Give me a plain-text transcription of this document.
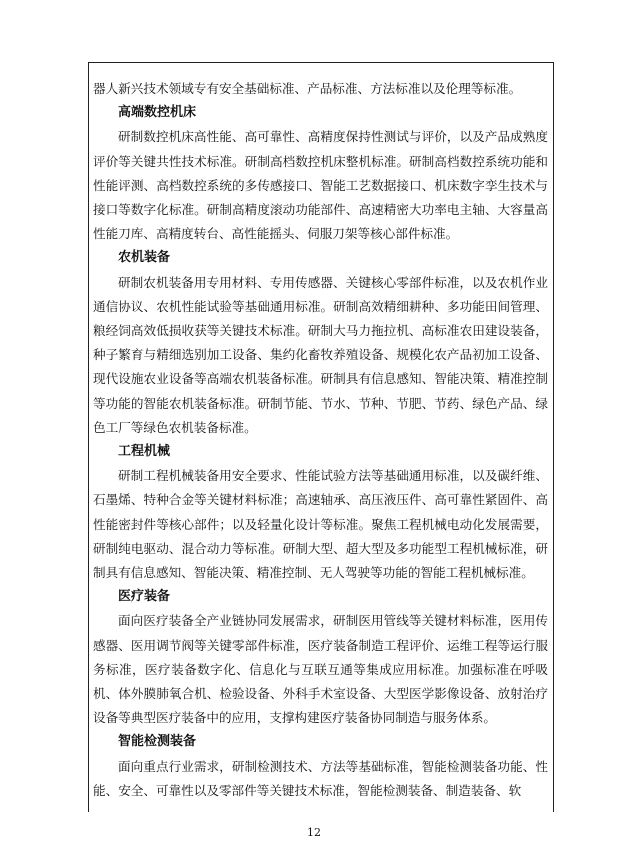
器人新兴技术领域专有安全基础标准、产品标准、方法标准以及伦理等标准。

高端数控机床

研制数控机床高性能、高可靠性、高精度保持性测试与评价，以及产品成熟度评价等关键共性技术标准。研制高档数控机床整机标准。研制高档数控系统功能和性能评测、高档数控系统的多传感接口、智能工艺数据接口、机床数字孪生技术与接口等数字化标准。研制高精度滚动功能部件、高速精密大功率电主轴、大容量高性能刀库、高精度转台、高性能摇头、伺服刀架等核心部件标准。

农机装备

研制农机装备用专用材料、专用传感器、关键核心零部件标准，以及农机作业通信协议、农机性能试验等基础通用标准。研制高效精细耕种、多功能田间管理、粮经饲高效低损收获等关键技术标准。研制大马力拖拉机、高标准农田建设装备，种子繁育与精细选别加工设备、集约化畜牧养殖设备、规模化农产品初加工设备、现代设施农业设备等高端农机装备标准。研制具有信息感知、智能决策、精准控制等功能的智能农机装备标准。研制节能、节水、节种、节肥、节药、绿色产品、绿色工厂等绿色农机装备标准。

工程机械

研制工程机械装备用安全要求、性能试验方法等基础通用标准，以及碳纤维、石墨烯、特种合金等关键材料标准；高速轴承、高压液压件、高可靠性紧固件、高性能密封件等核心部件；以及轻量化设计等标准。聚焦工程机械电动化发展需要，研制纯电驱动、混合动力等标准。研制大型、超大型及多功能型工程机械标准，研制具有信息感知、智能决策、精准控制、无人驾驶等功能的智能工程机械标准。

医疗装备

面向医疗装备全产业链协同发展需求，研制医用管线等关键材料标准，医用传感器、医用调节阀等关键零部件标准，医疗装备制造工程评价、运维工程等运行服务标准，医疗装备数字化、信息化与互联互通等集成应用标准。加强标准在呼吸机、体外膜肺氧合机、检验设备、外科手术室设备、大型医学影像设备、放射治疗设备等典型医疗装备中的应用，支撑构建医疗装备协同制造与服务体系。

智能检测装备

面向重点行业需求，研制检测技术、方法等基础标准，智能检测装备功能、性能、安全、可靠性以及零部件等关键技术标准，智能检测装备、制造装备、软

12
